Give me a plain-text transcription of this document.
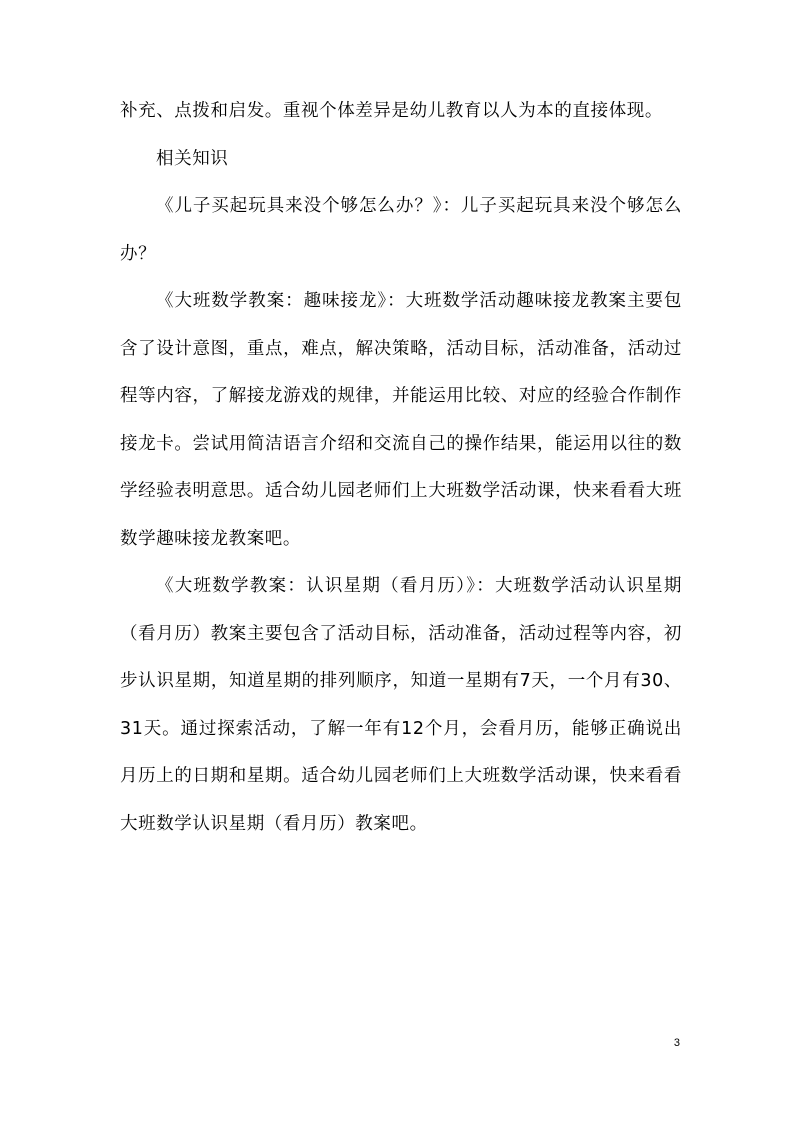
补充、点拨和启发。重视个体差异是幼儿教育以人为本的直接体现。

相关知识

《儿子买起玩具来没个够怎么办？》：儿子买起玩具来没个够怎么办？

《大班数学教案：趣味接龙》：大班数学活动趣味接龙教案主要包含了设计意图，重点，难点，解决策略，活动目标，活动准备，活动过程等内容，了解接龙游戏的规律，并能运用比较、对应的经验合作制作接龙卡。尝试用简洁语言介绍和交流自己的操作结果，能运用以往的数学经验表明意思。适合幼儿园老师们上大班数学活动课，快来看看大班数学趣味接龙教案吧。

《大班数学教案：认识星期（看月历）》：大班数学活动认识星期（看月历）教案主要包含了活动目标，活动准备，活动过程等内容，初步认识星期，知道星期的排列顺序，知道一星期有7天，一个月有30、31天。通过探索活动，了解一年有12个月，会看月历，能够正确说出月历上的日期和星期。适合幼儿园老师们上大班数学活动课，快来看看大班数学认识星期（看月历）教案吧。

3
